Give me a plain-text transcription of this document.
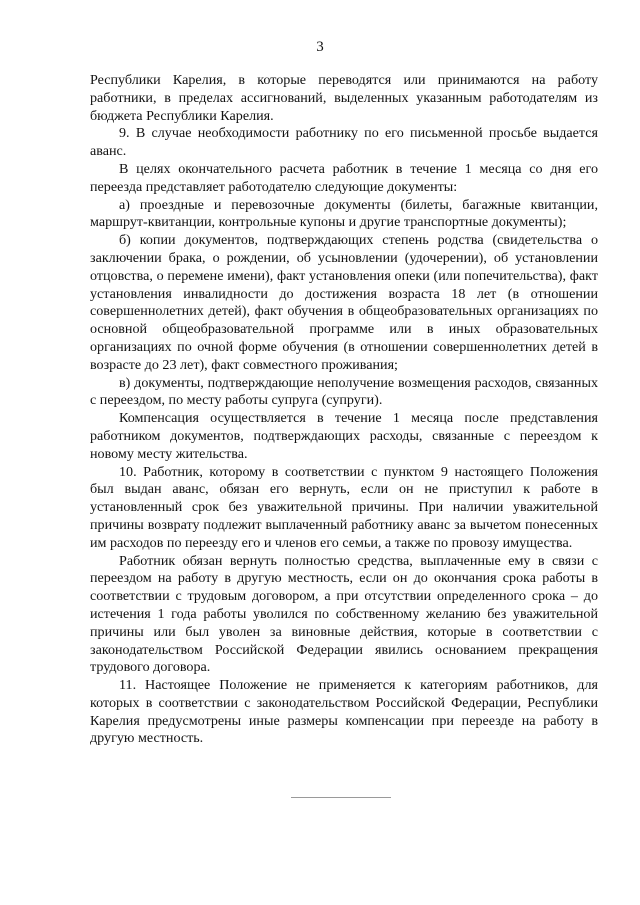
3

Республики Карелия, в которые переводятся или принимаются на работу работники, в пределах ассигнований, выделенных указанным работодателям из бюджета Республики Карелия.

9. В случае необходимости работнику по его письменной просьбе выдается аванс.

В целях окончательного расчета работник в течение 1 месяца со дня его переезда представляет работодателю следующие документы:

а) проездные и перевозочные документы (билеты, багажные квитанции, маршрут-квитанции, контрольные купоны и другие транспортные документы);

б) копии документов, подтверждающих степень родства (свидетельства о заключении брака, о рождении, об усыновлении (удочерении), об установлении отцовства, о перемене имени), факт установления опеки (или попечительства), факт установления инвалидности до достижения возраста 18 лет (в отношении совершеннолетних детей), факт обучения в общеобразовательных организациях по основной общеобразовательной программе или в иных образовательных организациях по очной форме обучения (в отношении совершеннолетних детей в возрасте до 23 лет), факт совместного проживания;

в) документы, подтверждающие неполучение возмещения расходов, связанных с переездом, по месту работы супруга (супруги).

Компенсация осуществляется в течение 1 месяца после представления работником документов, подтверждающих расходы, связанные с переездом к новому месту жительства.

10. Работник, которому в соответствии с пунктом 9 настоящего Положения был выдан аванс, обязан его вернуть, если он не приступил к работе в установленный срок без уважительной причины. При наличии уважительной причины возврату подлежит выплаченный работнику аванс за вычетом понесенных им расходов по переезду его и членов его семьи, а также по провозу имущества.

Работник обязан вернуть полностью средства, выплаченные ему в связи с переездом на работу в другую местность, если он до окончания срока работы в соответствии с трудовым договором, а при отсутствии определенного срока – до истечения 1 года работы уволился по собственному желанию без уважительной причины или был уволен за виновные действия, которые в соответствии с законодательством Российской Федерации явились основанием прекращения трудового договора.

11. Настоящее Положение не применяется к категориям работников, для которых в соответствии с законодательством Российской Федерации, Республики Карелия предусмотрены иные размеры компенсации при переезде на работу в другую местность.
